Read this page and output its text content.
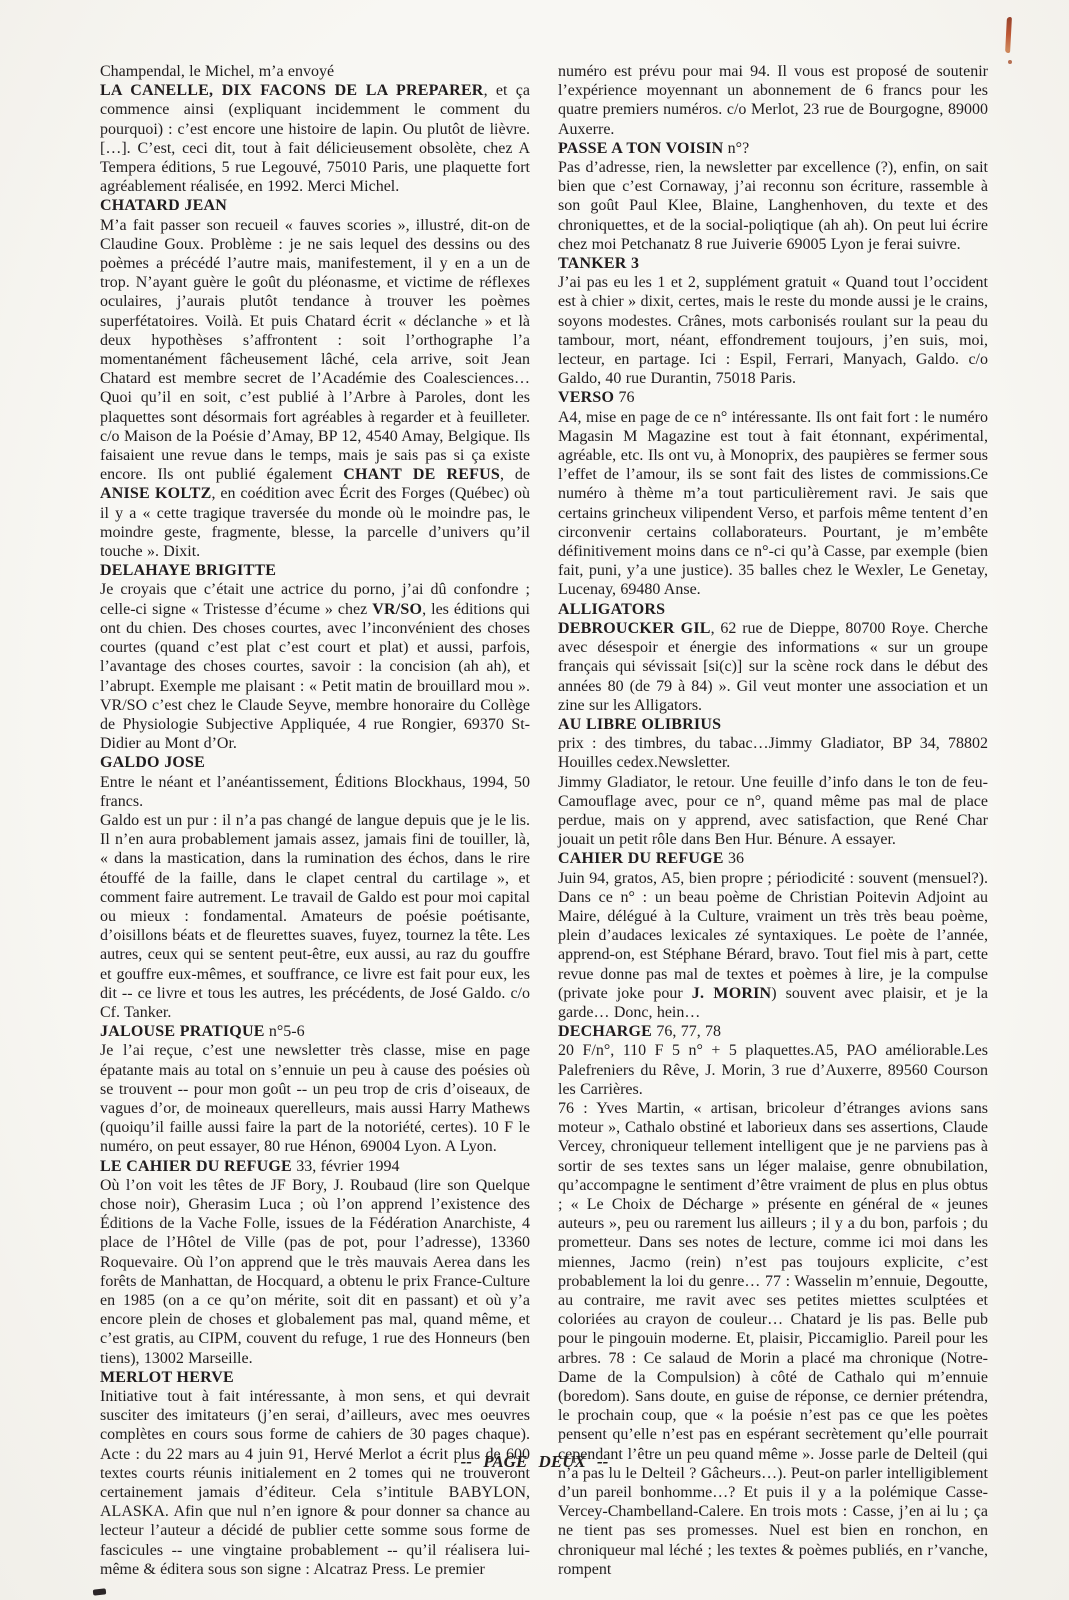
Champendal, le Michel, m’a envoyé

LA CANELLE, DIX FACONS DE LA PREPARER, et ça commence ainsi (expliquant incidemment le comment du pourquoi) : c’est encore une histoire de lapin. Ou plutôt de lièvre. […]. C’est, ceci dit, tout à fait délicieusement obsolète, chez A Tempera éditions, 5 rue Legouvé, 75010 Paris, une plaquette fort agréablement réalisée, en 1992. Merci Michel.

CHATARD JEAN

M’a fait passer son recueil « fauves scories », illustré, dit-on de Claudine Goux. Problème : je ne sais lequel des dessins ou des poèmes a précédé l’autre mais, manifestement, il y en a un de trop. N’ayant guère le goût du pléonasme, et victime de réflexes oculaires, j’aurais plutôt tendance à trouver les poèmes superfétatoires. Voilà. Et puis Chatard écrit « déclanche » et là deux hypothèses s’affrontent : soit l’orthographe l’a momentanément fâcheusement lâché, cela arrive, soit Jean Chatard est membre secret de l’Académie des Coalesciences… Quoi qu’il en soit, c’est publié à l’Arbre à Paroles, dont les plaquettes sont désormais fort agréables à regarder et à feuilleter. c/o Maison de la Poésie d’Amay, BP 12, 4540 Amay, Belgique. Ils faisaient une revue dans le temps, mais je sais pas si ça existe encore. Ils ont publié également CHANT DE REFUS, de ANISE KOLTZ, en coédition avec Écrit des Forges (Québec) où il y a « cette tragique traversée du monde où le moindre pas, le moindre geste, fragmente, blesse, la parcelle d’univers qu’il touche ». Dixit.

DELAHAYE BRIGITTE

Je croyais que c’était une actrice du porno, j’ai dû confondre ; celle-ci signe « Tristesse d’écume » chez VR/SO, les éditions qui ont du chien. Des choses courtes, avec l’inconvénient des choses courtes (quand c’est plat c’est court et plat) et aussi, parfois, l’avantage des choses courtes, savoir : la concision (ah ah), et l’abrupt. Exemple me plaisant : « Petit matin de brouillard mou ». VR/SO c’est chez le Claude Seyve, membre honoraire du Collège de Physiologie Subjective Appliquée, 4 rue Rongier, 69370 St-Didier au Mont d’Or.

GALDO JOSE

Entre le néant et l’anéantissement, Éditions Blockhaus, 1994, 50 francs.

Galdo est un pur : il n’a pas changé de langue depuis que je le lis. Il n’en aura probablement jamais assez, jamais fini de touiller, là, « dans la mastication, dans la rumination des échos, dans le rire étouffé de la faille, dans le clapet central du cartilage », et comment faire autrement. Le travail de Galdo est pour moi capital ou mieux : fondamental. Amateurs de poésie poétisante, d’oisillons béats et de fleurettes suaves, fuyez, tournez la tête. Les autres, ceux qui se sentent peut-être, eux aussi, au raz du gouffre et gouffre eux-mêmes, et souffrance, ce livre est fait pour eux, les dit -- ce livre et tous les autres, les précédents, de José Galdo. c/o Cf. Tanker.

JALOUSE PRATIQUE n°5-6

Je l’ai reçue, c’est une newsletter très classe, mise en page épatante mais au total on s’ennuie un peu à cause des poésies où se trouvent -- pour mon goût -- un peu trop de cris d’oiseaux, de vagues d’or, de moineaux querelleurs, mais aussi Harry Mathews (quoiqu’il faille aussi faire la part de la notoriété, certes). 10 F le numéro, on peut essayer, 80 rue Hénon, 69004 Lyon. A Lyon.

LE CAHIER DU REFUGE 33, février 1994

Où l’on voit les têtes de JF Bory, J. Roubaud (lire son Quelque chose noir), Gherasim Luca ; où l’on apprend l’existence des Éditions de la Vache Folle, issues de la Fédération Anarchiste, 4 place de l’Hôtel de Ville (pas de pot, pour l’adresse), 13360 Roquevaire. Où l’on apprend que le très mauvais Aerea dans les forêts de Manhattan, de Hocquard, a obtenu le prix France-Culture en 1985 (on a ce qu’on mérite, soit dit en passant) et où y’a encore plein de choses et globalement pas mal, quand même, et c’est gratis, au CIPM, couvent du refuge, 1 rue des Honneurs (ben tiens), 13002 Marseille.

MERLOT HERVE

Initiative tout à fait intéressante, à mon sens, et qui devrait susciter des imitateurs (j’en serai, d’ailleurs, avec mes oeuvres complètes en cours sous forme de cahiers de 30 pages chaque). Acte : du 22 mars au 4 juin 91, Hervé Merlot a écrit plus de 600 textes courts réunis initialement en 2 tomes qui ne trouveront certainement jamais d’éditeur. Cela s’intitule BABYLON, ALASKA. Afin que nul n’en ignore & pour donner sa chance au lecteur l’auteur a décidé de publier cette somme sous forme de fascicules -- une vingtaine probablement -- qu’il réalisera lui-même & éditera sous son signe : Alcatraz Press. Le premier

numéro est prévu pour mai 94. Il vous est proposé de soutenir l’expérience moyennant un abonnement de 6 francs pour les quatre premiers numéros. c/o Merlot, 23 rue de Bourgogne, 89000 Auxerre.

PASSE A TON VOISIN n°?

Pas d’adresse, rien, la newsletter par excellence (?), enfin, on sait bien que c’est Cornaway, j’ai reconnu son écriture, rassemble à son goût Paul Klee, Blaine, Langhenhoven, du texte et des chroniquettes, et de la social-poliqtique (ah ah). On peut lui écrire chez moi Petchanatz 8 rue Juiverie 69005 Lyon je ferai suivre.

TANKER 3

J’ai pas eu les 1 et 2, supplément gratuit « Quand tout l’occident est à chier » dixit, certes, mais le reste du monde aussi je le crains, soyons modestes. Crânes, mots carbonisés roulant sur la peau du tambour, mort, néant, effondrement toujours, j’en suis, moi, lecteur, en partage. Ici : Espil, Ferrari, Manyach, Galdo. c/o Galdo, 40 rue Durantin, 75018 Paris.

VERSO 76

A4, mise en page de ce n° intéressante. Ils ont fait fort : le numéro Magasin M Magazine est tout à fait étonnant, expérimental, agréable, etc. Ils ont vu, à Monoprix, des paupières se fermer sous l’effet de l’amour, ils se sont fait des listes de commissions.Ce numéro à thème m’a tout particulièrement ravi. Je sais que certains grincheux vilipendent Verso, et parfois même tentent d’en circonvenir certains collaborateurs. Pourtant, je m’embête définitivement moins dans ce n°-ci qu’à Casse, par exemple (bien fait, puni, y’a une justice). 35 balles chez le Wexler, Le Genetay, Lucenay, 69480 Anse.

ALLIGATORS

DEBROUCKER GIL, 62 rue de Dieppe, 80700 Roye. Cherche avec désespoir et énergie des informations « sur un groupe français qui sévissait [si(c)] sur la scène rock dans le début des années 80 (de 79 à 84) ». Gil veut monter une association et un zine sur les Alligators.

AU LIBRE OLIBRIUS

prix : des timbres, du tabac…Jimmy Gladiator, BP 34, 78802 Houilles cedex.Newsletter.

Jimmy Gladiator, le retour. Une feuille d’info dans le ton de feu-Camouflage avec, pour ce n°, quand même pas mal de place perdue, mais on y apprend, avec satisfaction, que René Char jouait un petit rôle dans Ben Hur. Bénure. A essayer.

CAHIER DU REFUGE 36

Juin 94, gratos, A5, bien propre ; périodicité : souvent (mensuel?). Dans ce n° : un beau poème de Christian Poitevin Adjoint au Maire, délégué à la Culture, vraiment un très très beau poème, plein d’audaces lexicales zé syntaxiques. Le poète de l’année, apprend-on, est Stéphane Bérard, bravo. Tout fiel mis à part, cette revue donne pas mal de textes et poèmes à lire, je la compulse (private joke pour J. MORIN) souvent avec plaisir, et je la garde… Donc, hein…

DECHARGE 76, 77, 78

20 F/n°, 110 F 5 n° + 5 plaquettes.A5, PAO améliorable.Les Palefreniers du Rêve, J. Morin, 3 rue d’Auxerre, 89560 Courson les Carrières.

76 : Yves Martin, « artisan, bricoleur d’étranges avions sans moteur », Cathalo obstiné et laborieux dans ses assertions, Claude Vercey, chroniqueur tellement intelligent que je ne parviens pas à sortir de ses textes sans un léger malaise, genre obnubilation, qu’accompagne le sentiment d’être vraiment de plus en plus obtus ; « Le Choix de Décharge » présente en général de « jeunes auteurs », peu ou rarement lus ailleurs ; il y a du bon, parfois ; du prometteur. Dans ses notes de lecture, comme ici moi dans les miennes, Jacmo (rein) n’est pas toujours explicite, c’est probablement la loi du genre… 77 : Wasselin m’ennuie, Degoutte, au contraire, me ravit avec ses petites miettes sculptées et coloriées au crayon de couleur… Chatard je lis pas. Belle pub pour le pingouin moderne. Et, plaisir, Piccamiglio. Pareil pour les arbres. 78 : Ce salaud de Morin a placé ma chronique (Notre-Dame de la Compulsion) à côté de Cathalo qui m’ennuie (boredom). Sans doute, en guise de réponse, ce dernier prétendra, le prochain coup, que « la poésie n’est pas ce que les poètes pensent qu’elle n’est pas en espérant secrètement qu’elle pourrait cependant l’être un peu quand même ». Josse parle de Delteil (qui n’a pas lu le Delteil ? Gâcheurs…). Peut-on parler intelligiblement d’un pareil bonhomme…? Et puis il y a la polémique Casse-Vercey-Chambelland-Calere. En trois mots : Casse, j’en ai lu ; ça ne tient pas ses promesses. Nuel est bien en ronchon, en chroniqueur mal léché ; les textes & poèmes publiés, en r’vanche, rompent

-- PAGE DEUX --
